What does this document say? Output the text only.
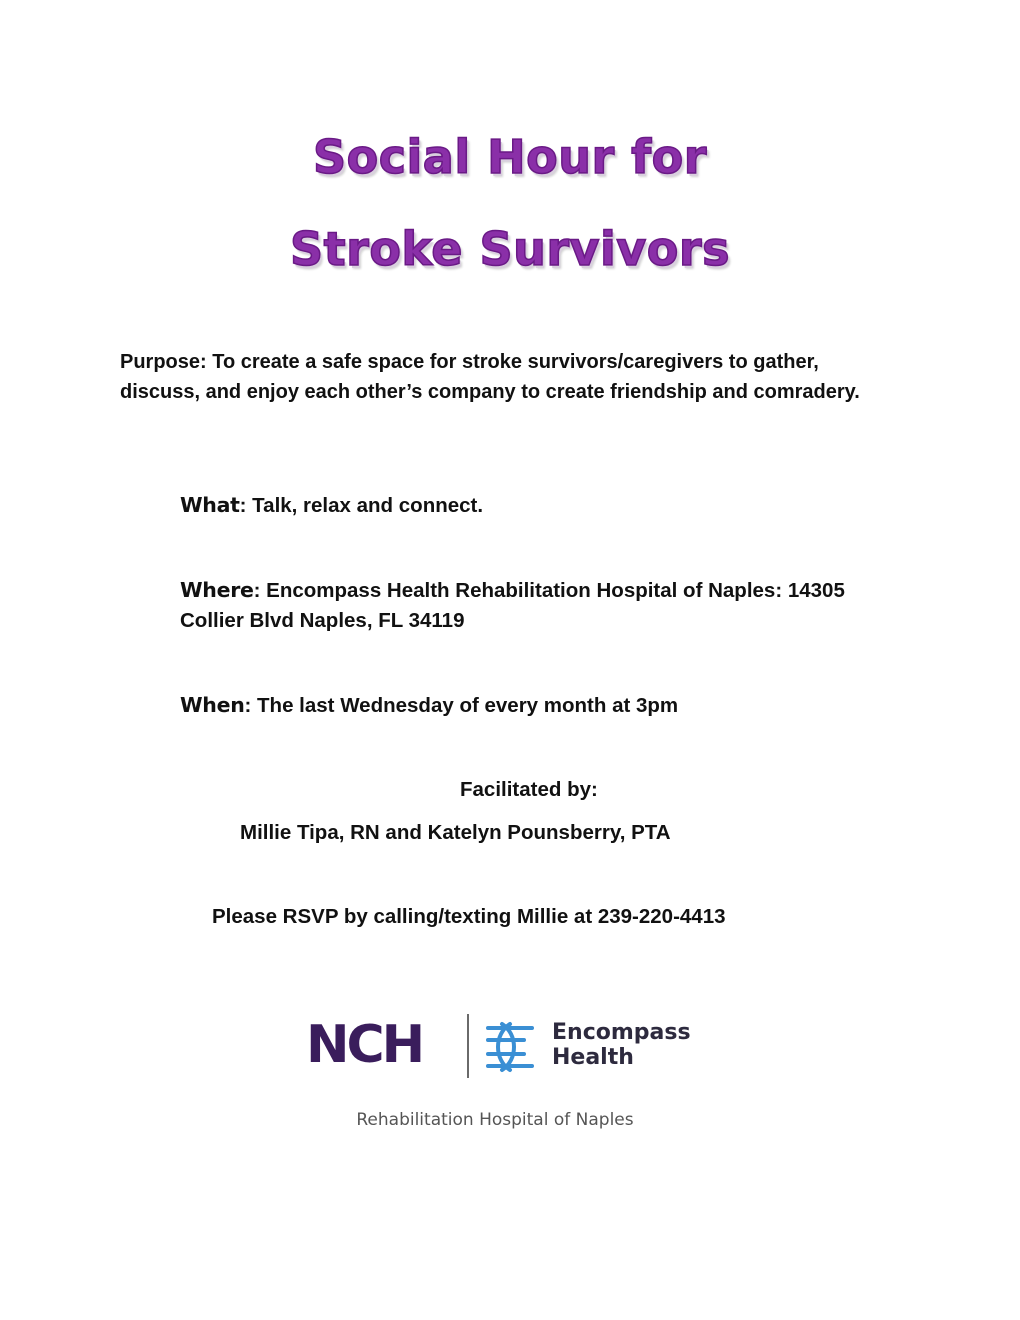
Social Hour for
Stroke Survivors

Purpose: To create a safe space for stroke survivors/caregivers to gather, discuss, and enjoy each other’s company to create friendship and comradery.

What: Talk, relax and connect.

Where: Encompass Health Rehabilitation Hospital of Naples: 14305 Collier Blvd Naples, FL 34119

When: The last Wednesday of every month at 3pm

Facilitated by:
Millie Tipa, RN and Katelyn Pounsberry, PTA
Please RSVP by calling/texting Millie at 239-220-4413
NCH	Encompass
Health
Rehabilitation Hospital of Naples
